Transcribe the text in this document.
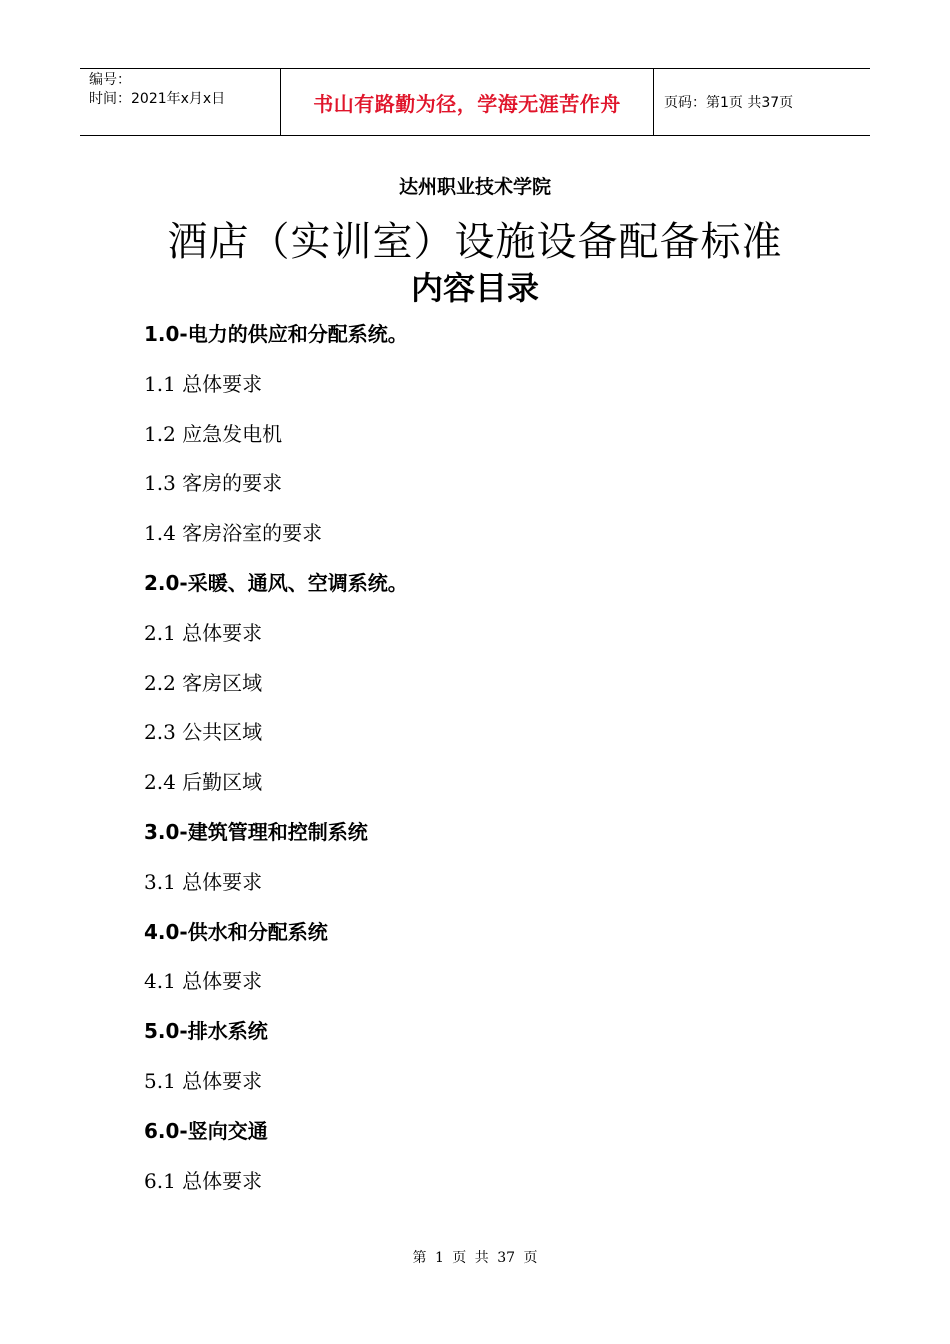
编号：
时间：2021年x月x日	书山有路勤为径，学海无涯苦作舟	页码：第1页 共37页
达州职业技术学院
酒店（实训室）设施设备配备标准
内容目录
1.0-电力的供应和分配系统。
1.1 总体要求
1.2 应急发电机
1.3 客房的要求
1.4 客房浴室的要求
2.0-采暖、通风、空调系统。
2.1 总体要求
2.2 客房区域
2.3 公共区域
2.4 后勤区域
3.0-建筑管理和控制系统
3.1 总体要求
4.0-供水和分配系统
4.1 总体要求
5.0-排水系统
5.1 总体要求
6.0-竖向交通
6.1 总体要求
第 1 页 共 37 页
